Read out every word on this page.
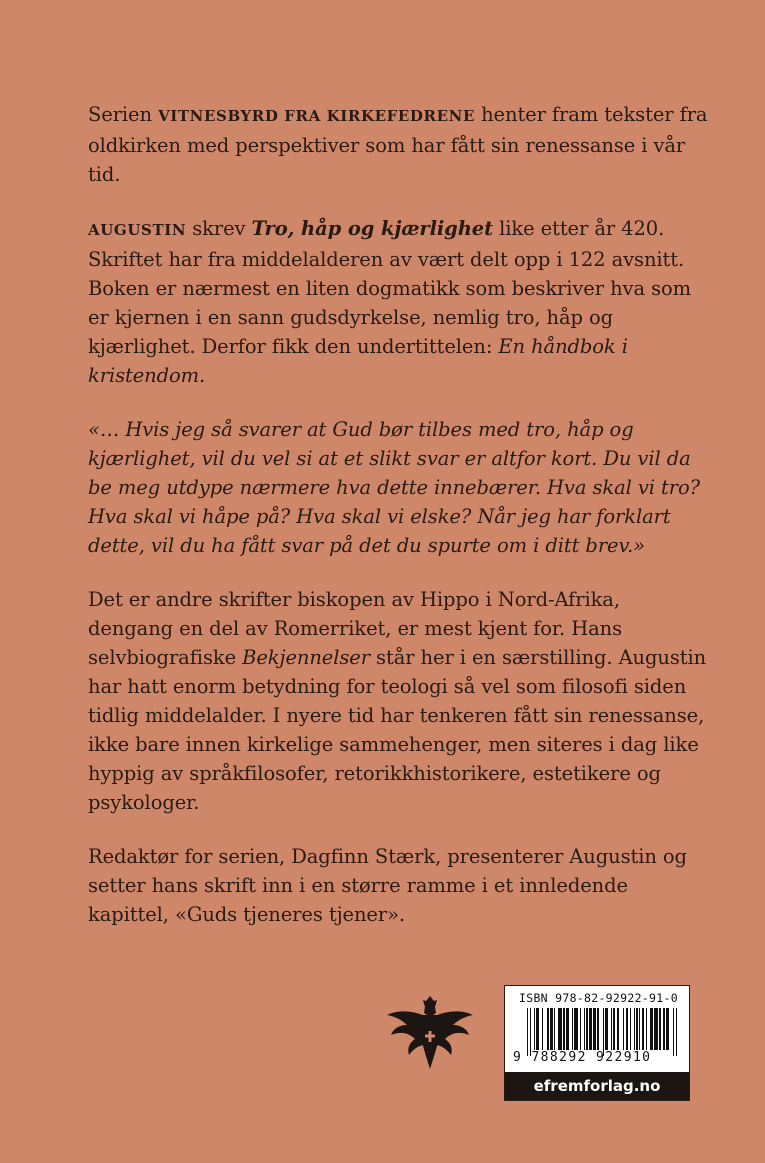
Serien VITNESBYRD FRA KIRKEFEDRENE henter fram tekster fra oldkirken med perspektiver som har fått sin renessanse i vår tid.

AUGUSTIN skrev Tro, håp og kjærlighet like etter år 420. Skriftet har fra middelalderen av vært delt opp i 122 avsnitt. Boken er nærmest en liten dogmatikk som beskriver hva som er kjernen i en sann gudsdyrkelse, nemlig tro, håp og kjærlighet. Derfor fikk den undertittelen: En håndbok i kristendom.

«… Hvis jeg så svarer at Gud bør tilbes med tro, håp og kjærlighet, vil du vel si at et slikt svar er altfor kort. Du vil da be meg utdype nærmere hva dette innebærer. Hva skal vi tro? Hva skal vi håpe på? Hva skal vi elske? Når jeg har forklart dette, vil du ha fått svar på det du spurte om i ditt brev.»

Det er andre skrifter biskopen av Hippo i Nord-Afrika, dengang en del av Romerriket, er mest kjent for. Hans selvbiografiske Bekjennelser står her i en særstilling. Augustin har hatt enorm betydning for teologi så vel som filosofi siden tidlig middelalder. I nyere tid har tenkeren fått sin renessanse, ikke bare innen kirkelige sammehenger, men siteres i dag like hyppig av språkfilosofer, retorikkhistorikere, estetikere og psykologer.

Redaktør for serien, Dagfinn Stærk, presenterer Augustin og setter hans skrift inn i en større ramme i et innledende kapittel, «Guds tjeneres tjener».

ISBN 978-82-92922-91-0
9 788292 922910
efremforlag.no
